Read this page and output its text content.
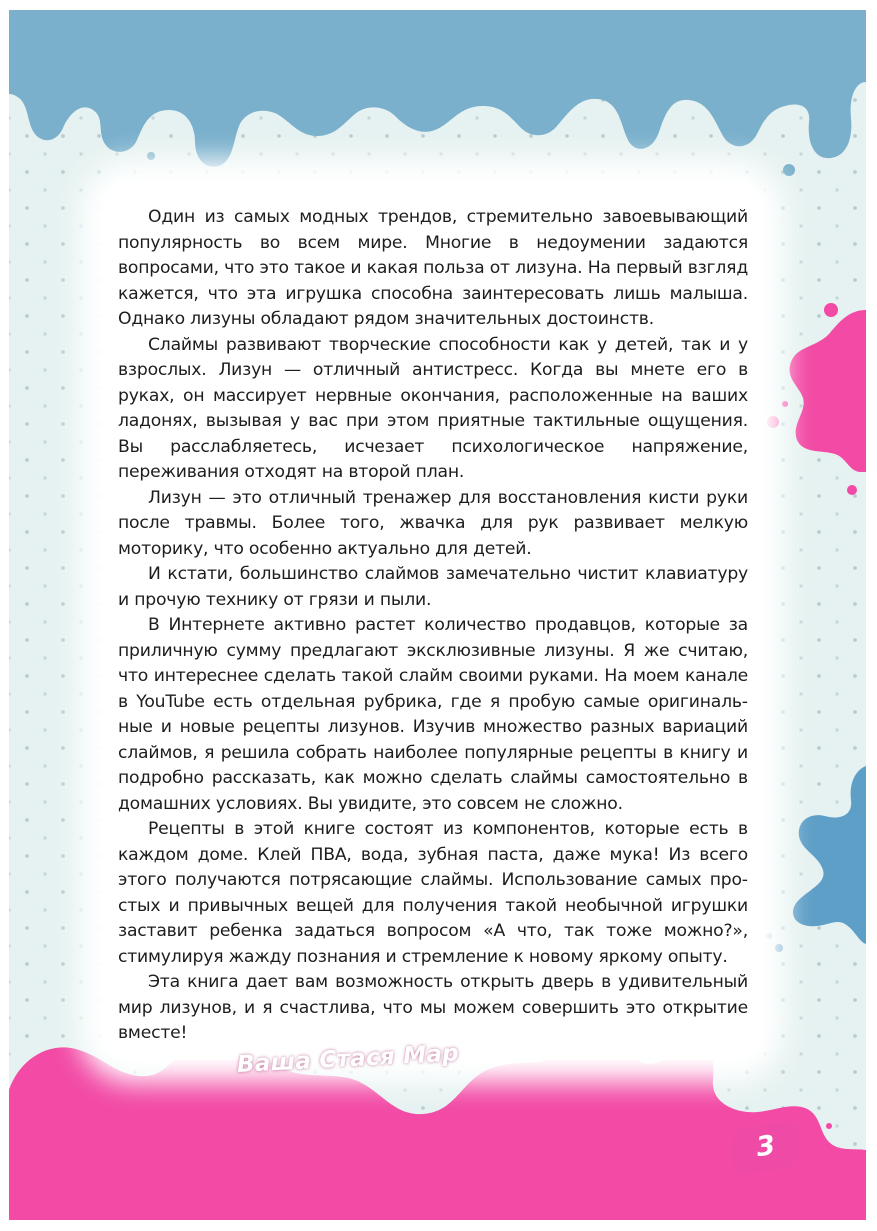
Один из самых модных трендов, стремительно завоевывающий популярность во всем мире. Многие в недоумении задаются вопросами, что это такое и какая польза от лизуна. На первый взгляд кажется, что эта игрушка способна заинтересовать лишь малыша. Однако лизуны обладают рядом значительных достоинств.

Слаймы развивают творческие способности как у детей, так и у взрослых. Лизун — отличный антистресс. Когда вы мнете его в руках, он массирует нервные окончания, расположенные на ваших ладонях, вызывая у вас при этом приятные тактильные ощущения. Вы расслабляетесь, исчезает психологическое напряжение, переживания отходят на второй план.

Лизун — это отличный тренажер для восстановления кисти руки после травмы. Более того, жвачка для рук развивает мелкую моторику, что особенно актуально для детей.

И кстати, большинство слаймов замечательно чистит клавиатуру и прочую технику от грязи и пыли.

В Интернете активно растет количество продавцов, которые за приличную сумму предлагают эксклюзивные лизуны. Я же считаю, что интереснее сделать такой слайм своими руками. На моем канале в YouTube есть отдельная рубрика, где я пробую самые оригинальные и новые рецепты лизунов. Изучив множество разных вариаций слаймов, я решила собрать наиболее популярные рецепты в книгу и подробно рассказать, как можно сделать слаймы самостоятельно в домашних условиях. Вы увидите, это совсем не сложно.

Рецепты в этой книге состоят из компонентов, которые есть в каждом доме. Клей ПВА, вода, зубная паста, даже мука! Из всего этого получаются потрясающие слаймы. Использование самых простых и привычных вещей для получения такой необычной игрушки заставит ребенка задаться вопросом «А что, так тоже можно?», стимулируя жажду познания и стремление к новому яркому опыту.

Эта книга дает вам возможность открыть дверь в удивительный мир лизунов, и я счастлива, что мы можем совершить это открытие вместе!

Ваша Стася Мар
3
